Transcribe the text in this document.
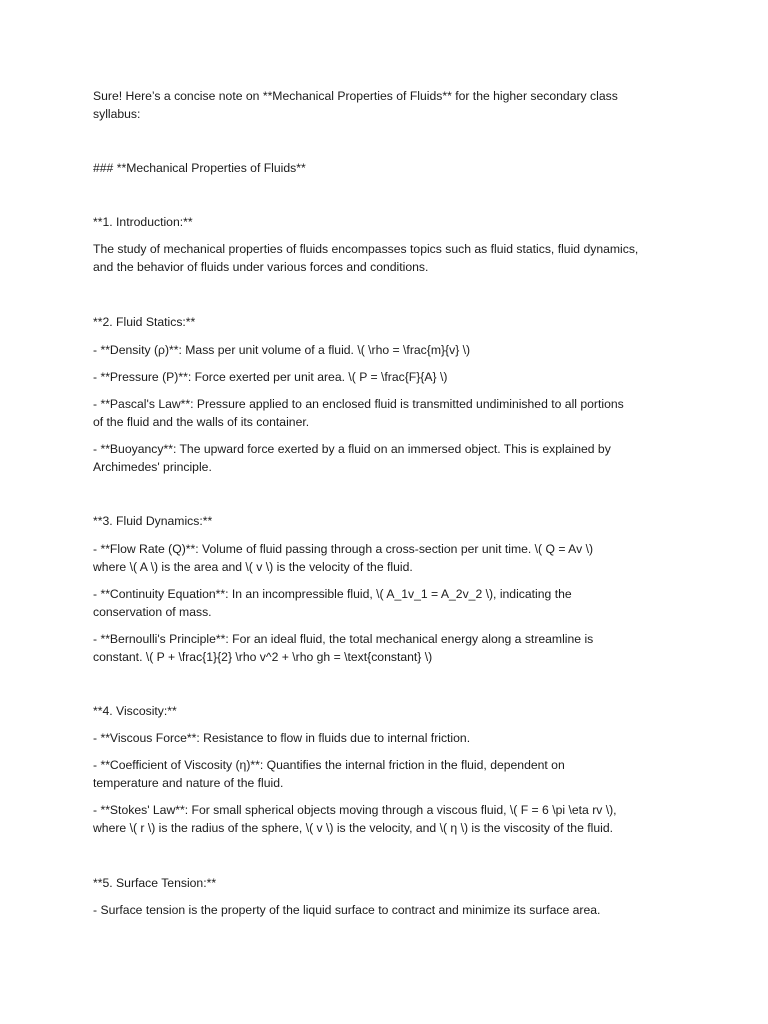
Sure! Here’s a concise note on **Mechanical Properties of Fluids** for the higher secondary class
syllabus:
### **Mechanical Properties of Fluids**
**1. Introduction:**
The study of mechanical properties of fluids encompasses topics such as fluid statics, fluid dynamics,
and the behavior of fluids under various forces and conditions.
**2. Fluid Statics:**
- **Density (ρ)**: Mass per unit volume of a fluid. \( \rho = \frac{m}{v} \)
- **Pressure (P)**: Force exerted per unit area. \( P = \frac{F}{A} \)
- **Pascal's Law**: Pressure applied to an enclosed fluid is transmitted undiminished to all portions
of the fluid and the walls of its container.
- **Buoyancy**: The upward force exerted by a fluid on an immersed object. This is explained by
Archimedes' principle.
**3. Fluid Dynamics:**
- **Flow Rate (Q)**: Volume of fluid passing through a cross-section per unit time. \( Q = Av \)
where \( A \) is the area and \( v \) is the velocity of the fluid.
- **Continuity Equation**: In an incompressible fluid, \( A_1v_1 = A_2v_2 \), indicating the
conservation of mass.
- **Bernoulli's Principle**: For an ideal fluid, the total mechanical energy along a streamline is
constant. \( P + \frac{1}{2} \rho v^2 + \rho gh = \text{constant} \)
**4. Viscosity:**
- **Viscous Force**: Resistance to flow in fluids due to internal friction.
- **Coefficient of Viscosity (η)**: Quantifies the internal friction in the fluid, dependent on
temperature and nature of the fluid.
- **Stokes' Law**: For small spherical objects moving through a viscous fluid, \( F = 6 \pi \eta rv \),
where \( r \) is the radius of the sphere, \( v \) is the velocity, and \( η \) is the viscosity of the fluid.
**5. Surface Tension:**
- Surface tension is the property of the liquid surface to contract and minimize its surface area.
